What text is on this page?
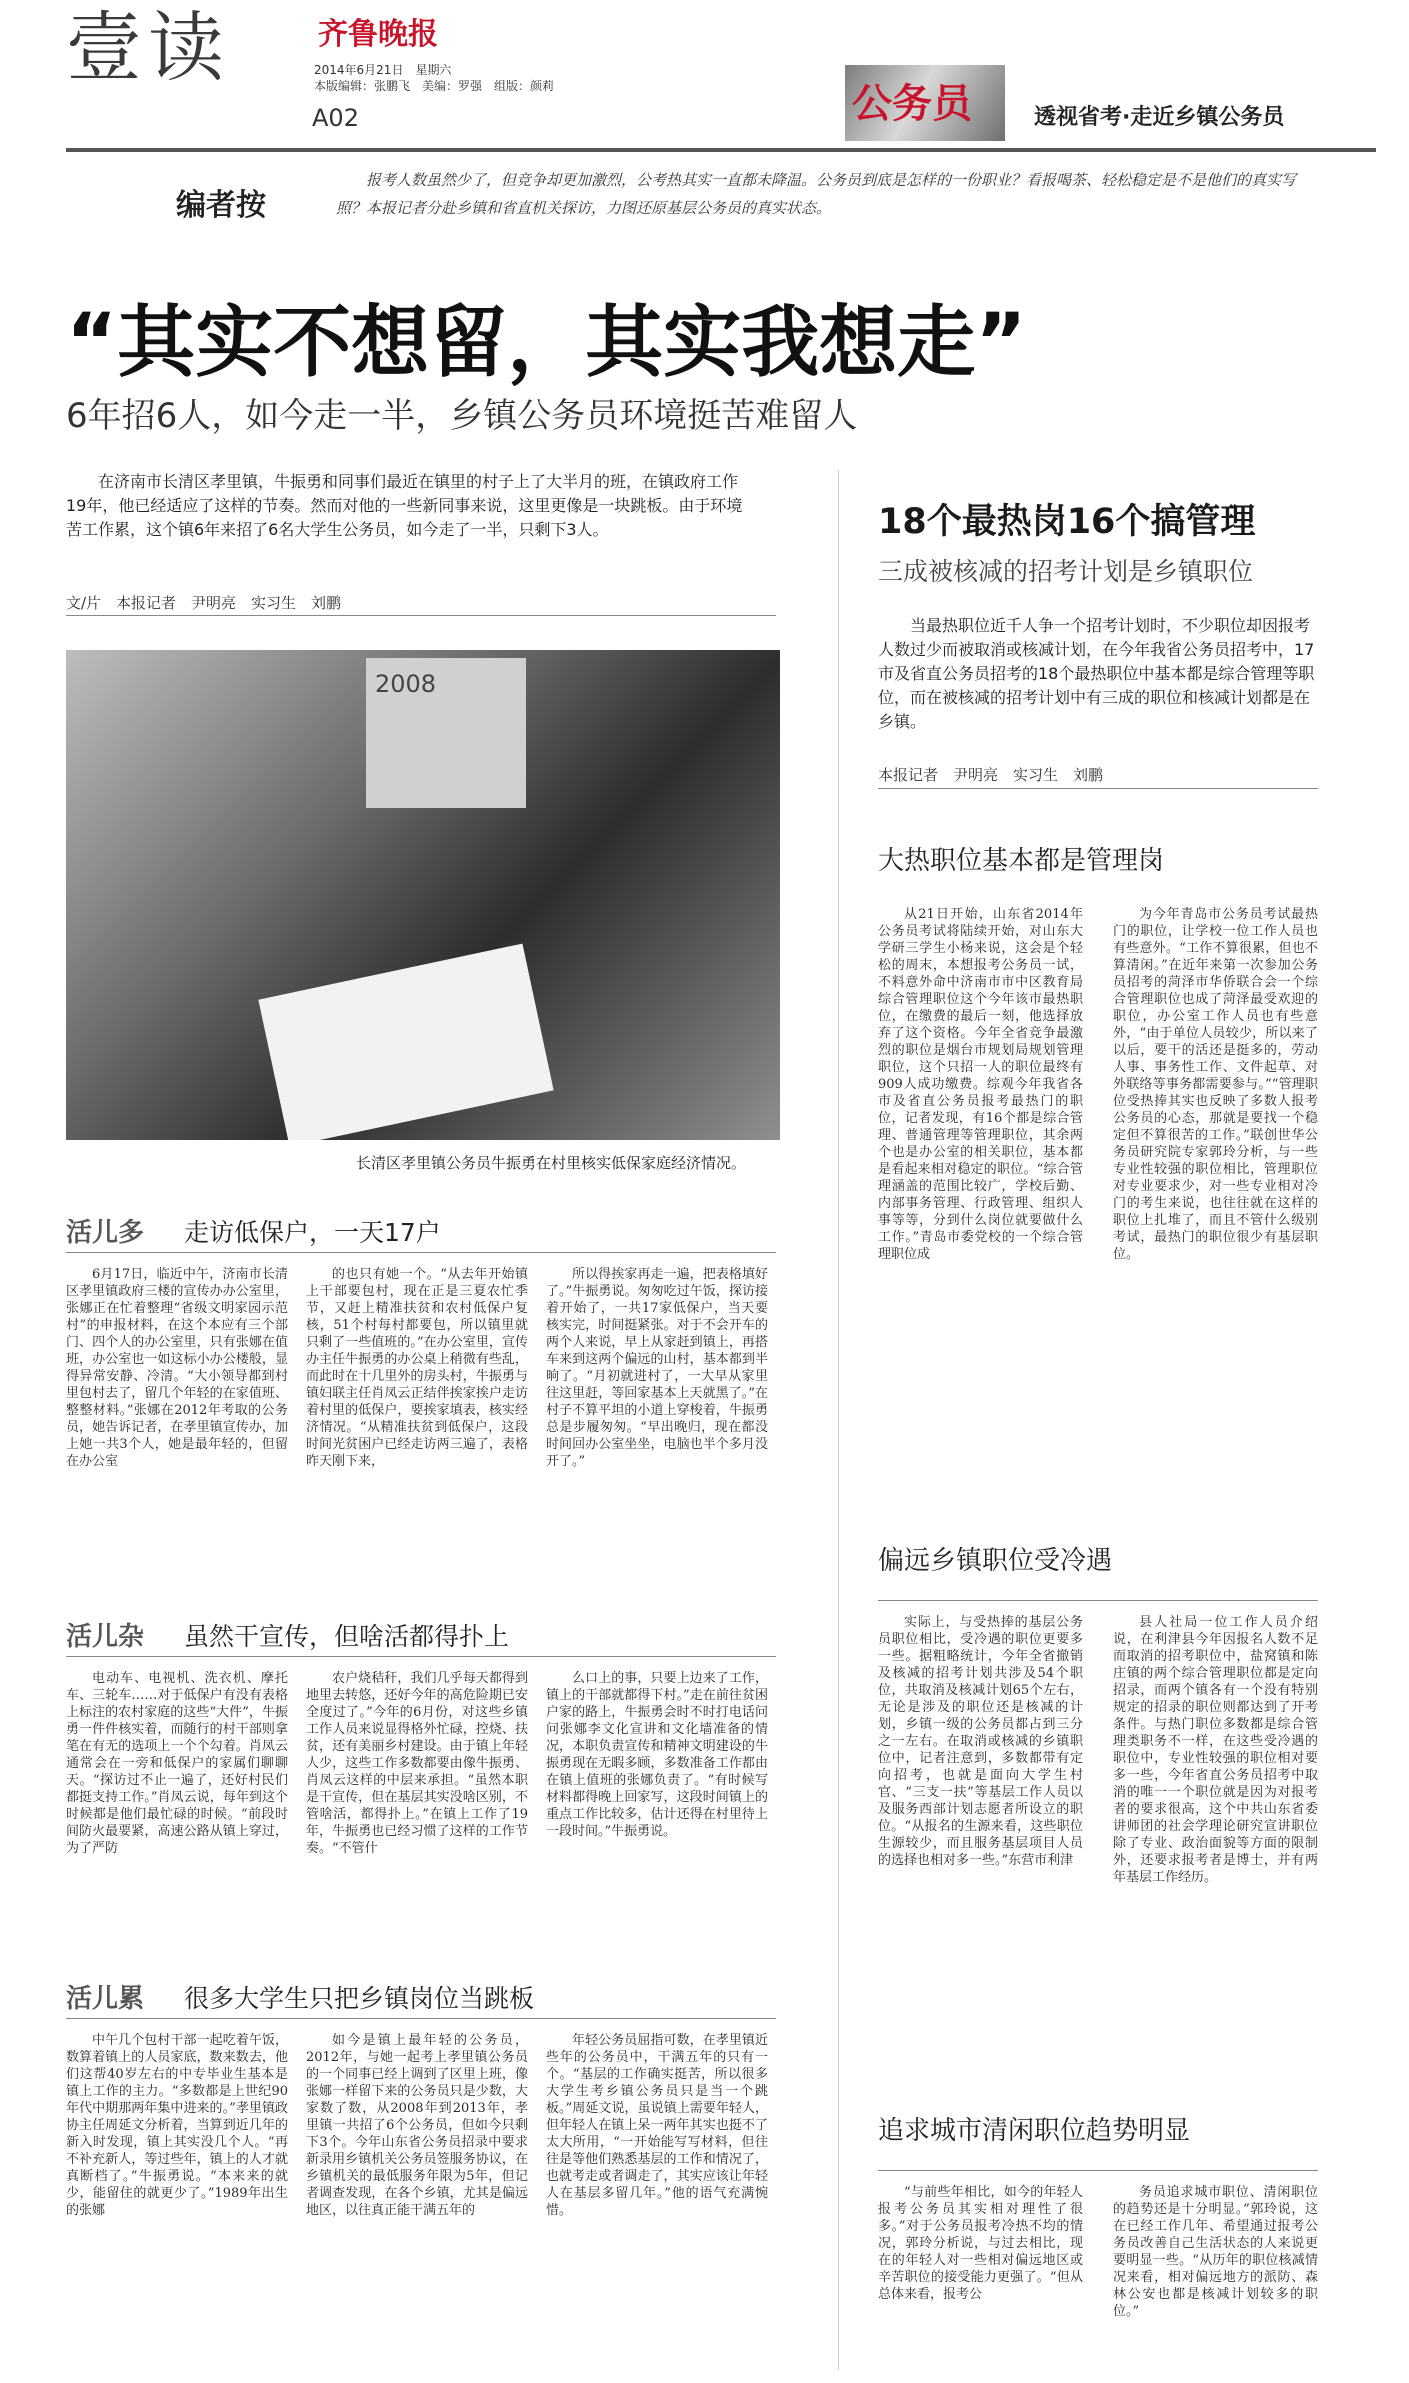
壹读	齐鲁晚报
2014年6月21日　星期六
本版编辑：张鹏飞　美编：罗强　组版：颜莉
A02	公务员	透视省考·走近乡镇公务员
编者按
报考人数虽然少了，但竞争却更加激烈，公考热其实一直都未降温。公务员到底是怎样的一份职业？看报喝茶、轻松稳定是不是他们的真实写照？本报记者分赴乡镇和省直机关探访，力图还原基层公务员的真实状态。
“其实不想留，其实我想走”
6年招6人，如今走一半，乡镇公务员环境挺苦难留人
在济南市长清区孝里镇，牛振勇和同事们最近在镇里的村子上了大半月的班，在镇政府工作19年，他已经适应了这样的节奏。然而对他的一些新同事来说，这里更像是一块跳板。由于环境苦工作累，这个镇6年来招了6名大学生公务员，如今走了一半，只剩下3人。
文/片　本报记者　尹明亮　实习生　刘鹏
2008
长清区孝里镇公务员牛振勇在村里核实低保家庭经济情况。
活儿多 走访低保户，一天17户

6月17日，临近中午，济南市长清区孝里镇政府三楼的宣传办办公室里，张娜正在忙着整理“省级文明家园示范村”的申报材料，在这个本应有三个部门、四个人的办公室里，只有张娜在值班，办公室也一如这标小办公楼般，显得异常安静、冷清。“大小领导都到村里包村去了，留几个年轻的在家值班、整整材料。”张娜在2012年考取的公务员，她告诉记者，在孝里镇宣传办，加上她一共3个人，她是最年轻的，但留在办公室

的也只有她一个。“从去年开始镇上干部要包村，现在正是三夏农忙季节，又赶上精准扶贫和农村低保户复核，51个村每村都要包，所以镇里就只剩了一些值班的。”在办公室里，宣传办主任牛振勇的办公桌上稍微有些乱，而此时在十几里外的房头村，牛振勇与镇妇联主任肖凤云正结伴挨家挨户走访着村里的低保户，要挨家填表，核实经济情况。“从精准扶贫到低保户，这段时间光贫困户已经走访两三遍了，表格昨天刚下来，

所以得挨家再走一遍，把表格填好了。”牛振勇说。匆匆吃过午饭，探访接着开始了，一共17家低保户，当天要核实完，时间挺紧张。对于不会开车的两个人来说，早上从家赶到镇上，再搭车来到这两个偏远的山村，基本都到半晌了。“月初就进村了，一大早从家里往这里赶，等回家基本上天就黑了。”在村子不算平坦的小道上穿梭着，牛振勇总是步履匆匆。“早出晚归，现在都没时间回办公室坐坐，电脑也半个多月没开了。”

活儿杂 虽然干宣传，但啥活都得扑上

电动车、电视机、洗衣机、摩托车、三轮车……对于低保户有没有表格上标注的农村家庭的这些“大件”，牛振勇一件件核实着，而随行的村干部则拿笔在有无的选项上一个个勾着。肖凤云通常会在一旁和低保户的家属们聊聊天。“探访过不止一遍了，还好村民们都挺支持工作。”肖凤云说，每年到这个时候都是他们最忙碌的时候。“前段时间防火最要紧，高速公路从镇上穿过，为了严防

农户烧秸秆，我们几乎每天都得到地里去转悠，还好今年的高危险期已安全度过了。”今年的6月份，对这些乡镇工作人员来说显得格外忙碌，控烧、扶贫，还有美丽乡村建设。由于镇上年轻人少，这些工作多数都要由像牛振勇、肖凤云这样的中层来承担。“虽然本职是干宣传，但在基层其实没啥区别，不管啥活，都得扑上。”在镇上工作了19年，牛振勇也已经习惯了这样的工作节奏。“不管什

么口上的事，只要上边来了工作，镇上的干部就都得下村。”走在前往贫困户家的路上，牛振勇会时不时打电话问问张娜李文化宣讲和文化墙准备的情况，本职负责宣传和精神文明建设的牛振勇现在无暇多顾，多数准备工作都由在镇上值班的张娜负责了。“有时候写材料都得晚上回家写，这段时间镇上的重点工作比较多，估计还得在村里待上一段时间。”牛振勇说。

活儿累 很多大学生只把乡镇岗位当跳板

中午几个包村干部一起吃着午饭，数算着镇上的人员家底，数来数去，他们这帮40岁左右的中专毕业生基本是镇上工作的主力。“多数都是上世纪90年代中期那两年集中进来的。”孝里镇政协主任周延文分析着，当算到近几年的新入时发现，镇上其实没几个人。“再不补充新人，等过些年，镇上的人才就真断档了。”牛振勇说。“本来来的就少，能留住的就更少了。”1989年出生的张娜

如今是镇上最年轻的公务员，2012年，与她一起考上孝里镇公务员的一个同事已经上调到了区里上班，像张娜一样留下来的公务员只是少数，大家数了数，从2008年到2013年，孝里镇一共招了6个公务员，但如今只剩下3个。今年山东省公务员招录中要求新录用乡镇机关公务员签服务协议，在乡镇机关的最低服务年限为5年，但记者调查发现，在各个乡镇，尤其是偏远地区，以往真正能干满五年的

年轻公务员屈指可数，在孝里镇近些年的公务员中，干满五年的只有一个。“基层的工作确实挺苦，所以很多大学生考乡镇公务员只是当一个跳板。”周延文说，虽说镇上需要年轻人，但年轻人在镇上呆一两年其实也挺不了太大所用，“一开始能写写材料，但往往是等他们熟悉基层的工作和情况了，也就考走或者调走了，其实应该让年轻人在基层多留几年。”他的语气充满惋惜。

18个最热岗16个搞管理
三成被核减的招考计划是乡镇职位
当最热职位近千人争一个招考计划时，不少职位却因报考人数过少而被取消或核减计划，在今年我省公务员招考中，17市及省直公务员招考的18个最热职位中基本都是综合管理等职位，而在被核减的招考计划中有三成的职位和核减计划都是在乡镇。
本报记者　尹明亮　实习生　刘鹏
大热职位基本都是管理岗

从21日开始，山东省2014年公务员考试将陆续开始，对山东大学研三学生小杨来说，这会是个轻松的周末，本想报考公务员一试，不料意外命中济南市市中区教育局综合管理职位这个今年该市最热职位，在缴费的最后一刻，他选择放弃了这个资格。今年全省竞争最激烈的职位是烟台市规划局规划管理职位，这个只招一人的职位最终有909人成功缴费。综观今年我省各市及省直公务员报考最热门的职位，记者发现，有16个都是综合管理、普通管理等管理职位，其余两个也是办公室的相关职位，基本都是看起来相对稳定的职位。“综合管理涵盖的范围比较广，学校后勤、内部事务管理、行政管理、组织人事等等，分到什么岗位就要做什么工作。”青岛市委党校的一个综合管理职位成

为今年青岛市公务员考试最热门的职位，让学校一位工作人员也有些意外。“工作不算很累，但也不算清闲。”在近年来第一次参加公务员招考的菏泽市华侨联合会一个综合管理职位也成了菏泽最受欢迎的职位，办公室工作人员也有些意外，“由于单位人员较少，所以来了以后，要干的活还是挺多的，劳动人事、事务性工作、文件起草、对外联络等事务都需要参与。”“管理职位受热捧其实也反映了多数人报考公务员的心态，那就是要找一个稳定但不算很苦的工作。”联创世华公务员研究院专家郭玲分析，与一些专业性较强的职位相比，管理职位对专业要求少，对一些专业相对冷门的考生来说，也往往就在这样的职位上扎堆了，而且不管什么级别考试，最热门的职位很少有基层职位。

偏远乡镇职位受冷遇

实际上，与受热捧的基层公务员职位相比，受冷遇的职位更要多一些。据粗略统计，今年全省撤销及核减的招考计划共涉及54个职位，共取消及核减计划65个左右，无论是涉及的职位还是核减的计划，乡镇一级的公务员都占到三分之一左右。在取消或核减的乡镇职位中，记者注意到，多数都带有定向招考，也就是面向大学生村官、“三支一扶”等基层工作人员以及服务西部计划志愿者所设立的职位。“从报名的生源来看，这些职位生源较少，而且服务基层项目人员的选择也相对多一些。”东营市利津

县人社局一位工作人员介绍说，在利津县今年因报名人数不足而取消的招考职位中，盐窝镇和陈庄镇的两个综合管理职位都是定向招录，而两个镇各有一个没有特别规定的招录的职位则都达到了开考条件。与热门职位多数都是综合管理类职务不一样，在这些受冷遇的职位中，专业性较强的职位相对要多一些，今年省直公务员招考中取消的唯一一个职位就是因为对报考者的要求很高，这个中共山东省委讲师团的社会学理论研究宣讲职位除了专业、政治面貌等方面的限制外，还要求报考者是博士，并有两年基层工作经历。

追求城市清闲职位趋势明显

“与前些年相比，如今的年轻人报考公务员其实相对理性了很多。”对于公务员报考冷热不均的情况，郭玲分析说，与过去相比，现在的年轻人对一些相对偏远地区或辛苦职位的接受能力更强了。“但从总体来看，报考公

务员追求城市职位、清闲职位的趋势还是十分明显。”郭玲说，这在已经工作几年、希望通过报考公务员改善自己生活状态的人来说更要明显一些。“从历年的职位核减情况来看，相对偏远地方的派防、森林公安也都是核减计划较多的职位。”
